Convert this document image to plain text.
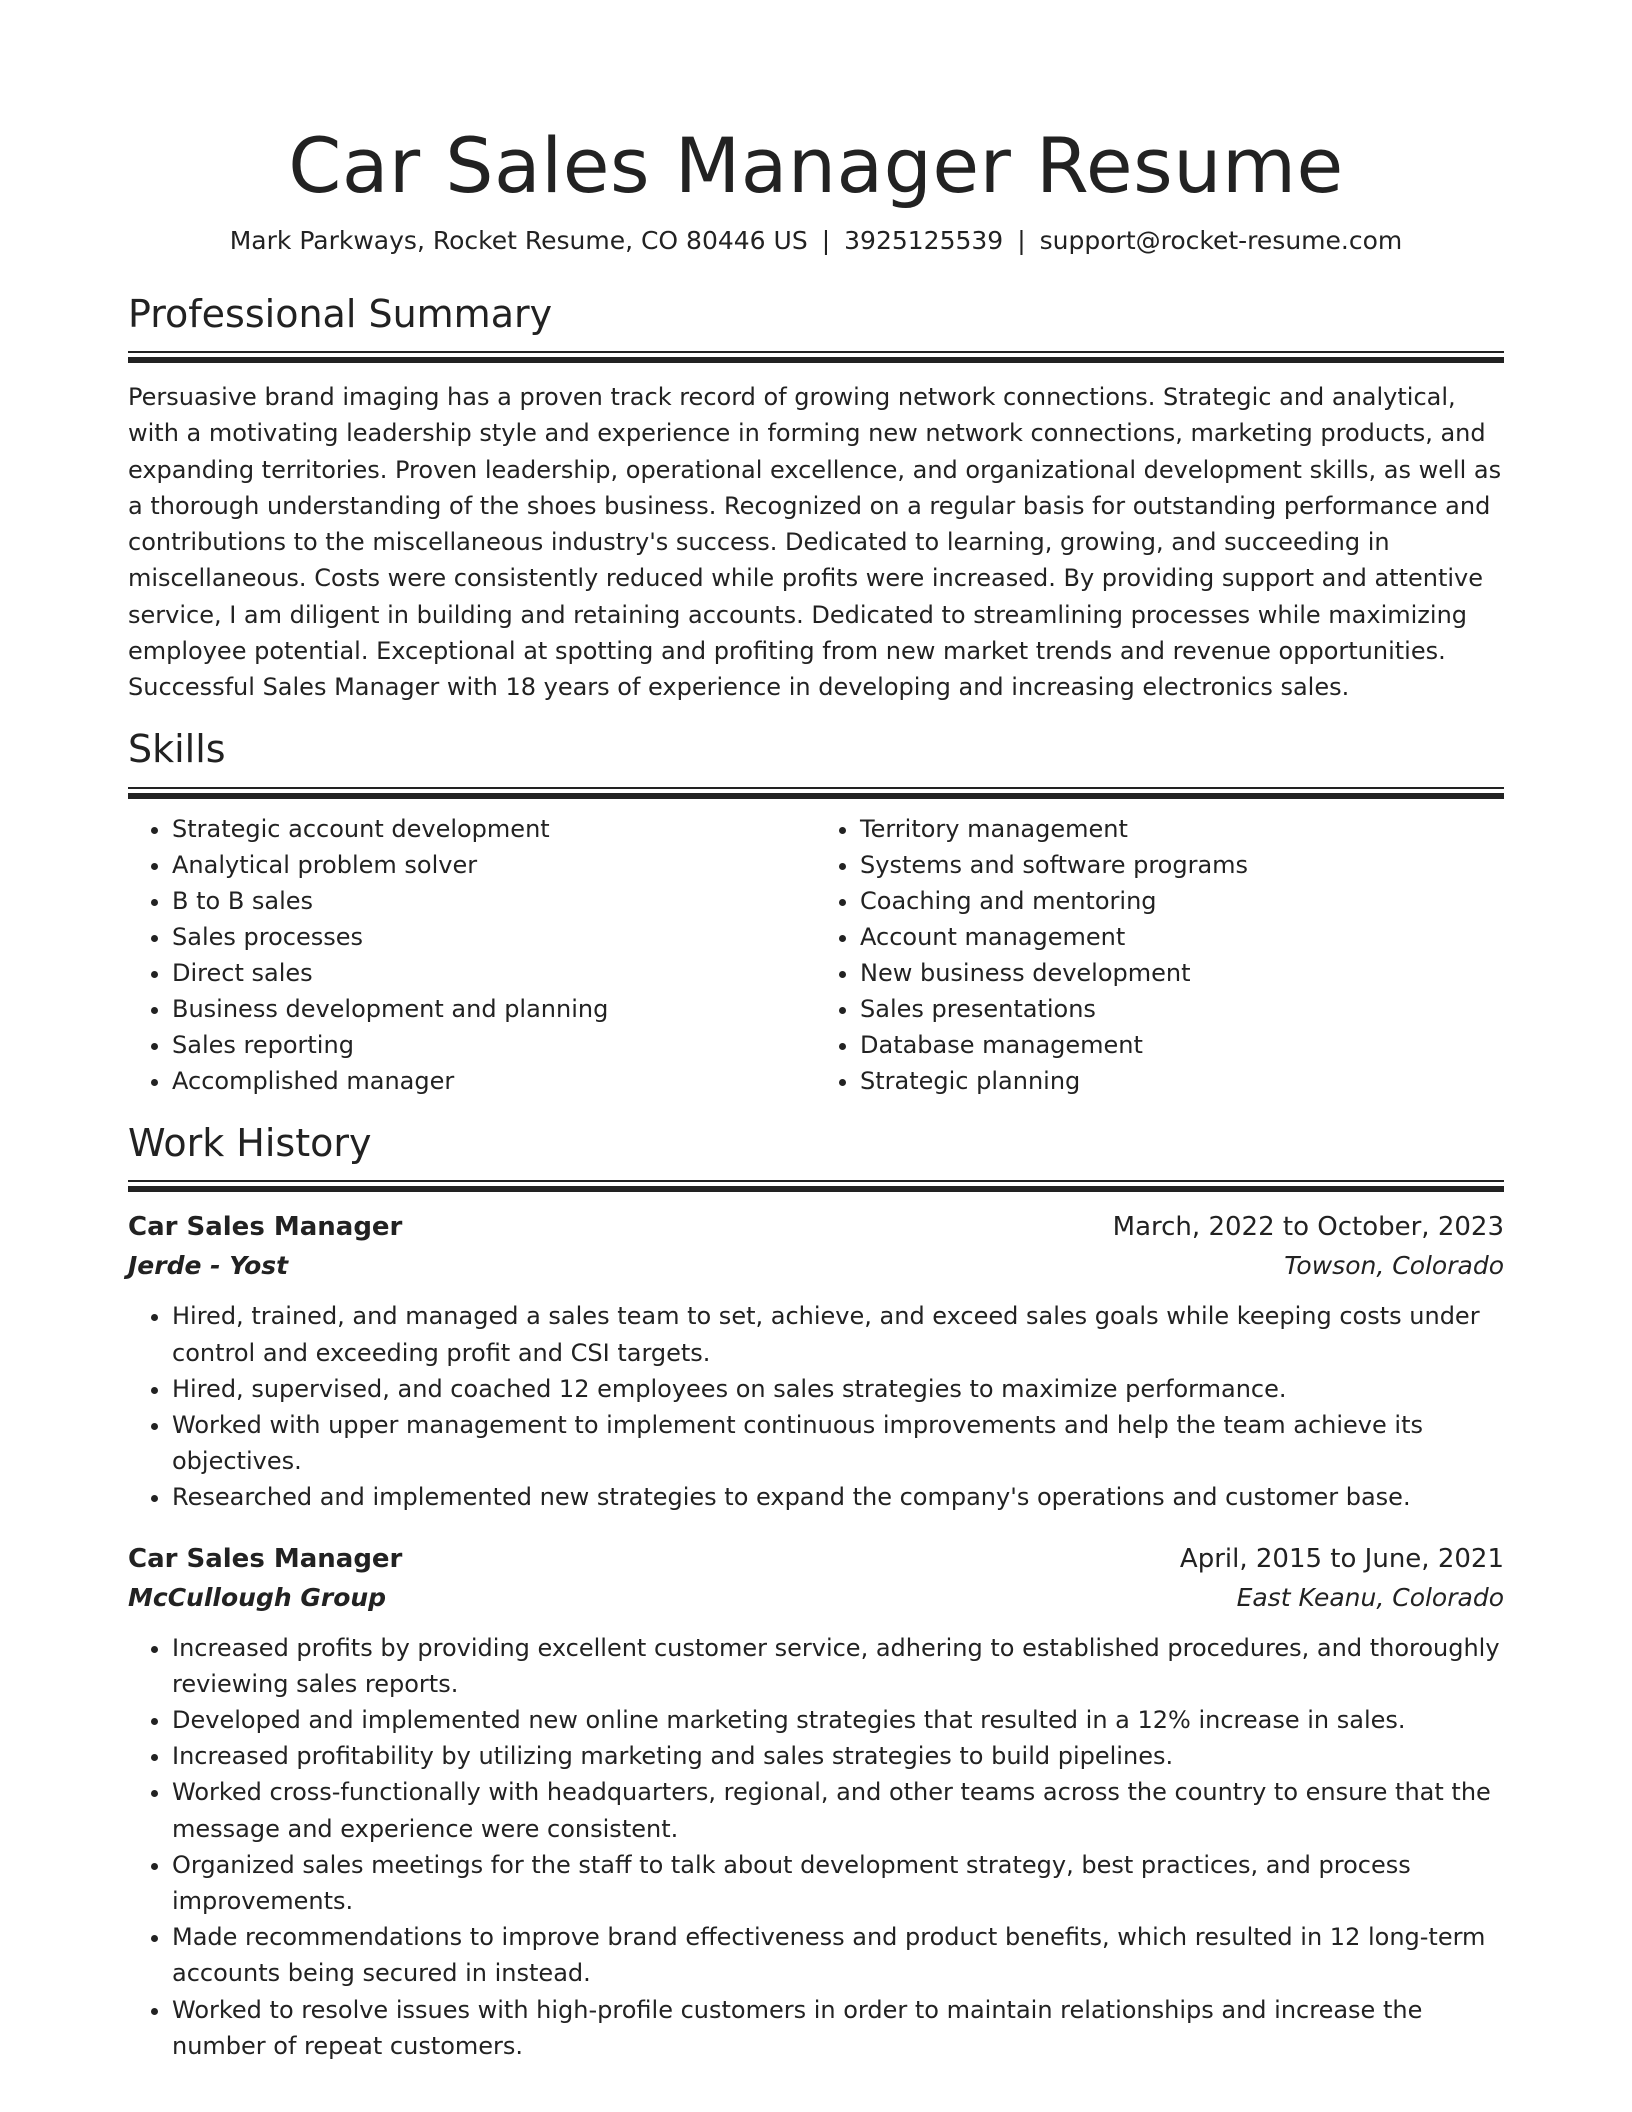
Car Sales Manager Resume
Mark Parkways, Rocket Resume, CO 80446 US | 3925125539 | support@rocket-resume.com
Professional Summary

Persuasive brand imaging has a proven track record of growing network connections. Strategic and analytical, with a motivating leadership style and experience in forming new network connections, marketing products, and expanding territories. Proven leadership, operational excellence, and organizational development skills, as well as a thorough understanding of the shoes business. Recognized on a regular basis for outstanding performance and contributions to the miscellaneous industry's success. Dedicated to learning, growing, and succeeding in miscellaneous. Costs were consistently reduced while profits were increased. By providing support and attentive service, I am diligent in building and retaining accounts. Dedicated to streamlining processes while maximizing employee potential. Exceptional at spotting and profiting from new market trends and revenue opportunities. Successful Sales Manager with 18 years of experience in developing and increasing electronics sales.

Skills
• Strategic account development
• Analytical problem solver
• B to B sales
• Sales processes
• Direct sales
• Business development and planning
• Sales reporting
• Accomplished manager
• Territory management
• Systems and software programs
• Coaching and mentoring
• Account management
• New business development
• Sales presentations
• Database management
• Strategic planning
Work History
Car Sales Manager	March, 2022 to October, 2023
Jerde - Yost	Towson, Colorado
• Hired, trained, and managed a sales team to set, achieve, and exceed sales goals while keeping costs under control and exceeding profit and CSI targets.
• Hired, supervised, and coached 12 employees on sales strategies to maximize performance.
• Worked with upper management to implement continuous improvements and help the team achieve its objectives.
• Researched and implemented new strategies to expand the company's operations and customer base.
Car Sales Manager	April, 2015 to June, 2021
McCullough Group	East Keanu, Colorado
• Increased profits by providing excellent customer service, adhering to established procedures, and thoroughly reviewing sales reports.
• Developed and implemented new online marketing strategies that resulted in a 12% increase in sales.
• Increased profitability by utilizing marketing and sales strategies to build pipelines.
• Worked cross-functionally with headquarters, regional, and other teams across the country to ensure that the message and experience were consistent.
• Organized sales meetings for the staff to talk about development strategy, best practices, and process improvements.
• Made recommendations to improve brand effectiveness and product benefits, which resulted in 12 long-term accounts being secured in instead.
• Worked to resolve issues with high-profile customers in order to maintain relationships and increase the number of repeat customers.
